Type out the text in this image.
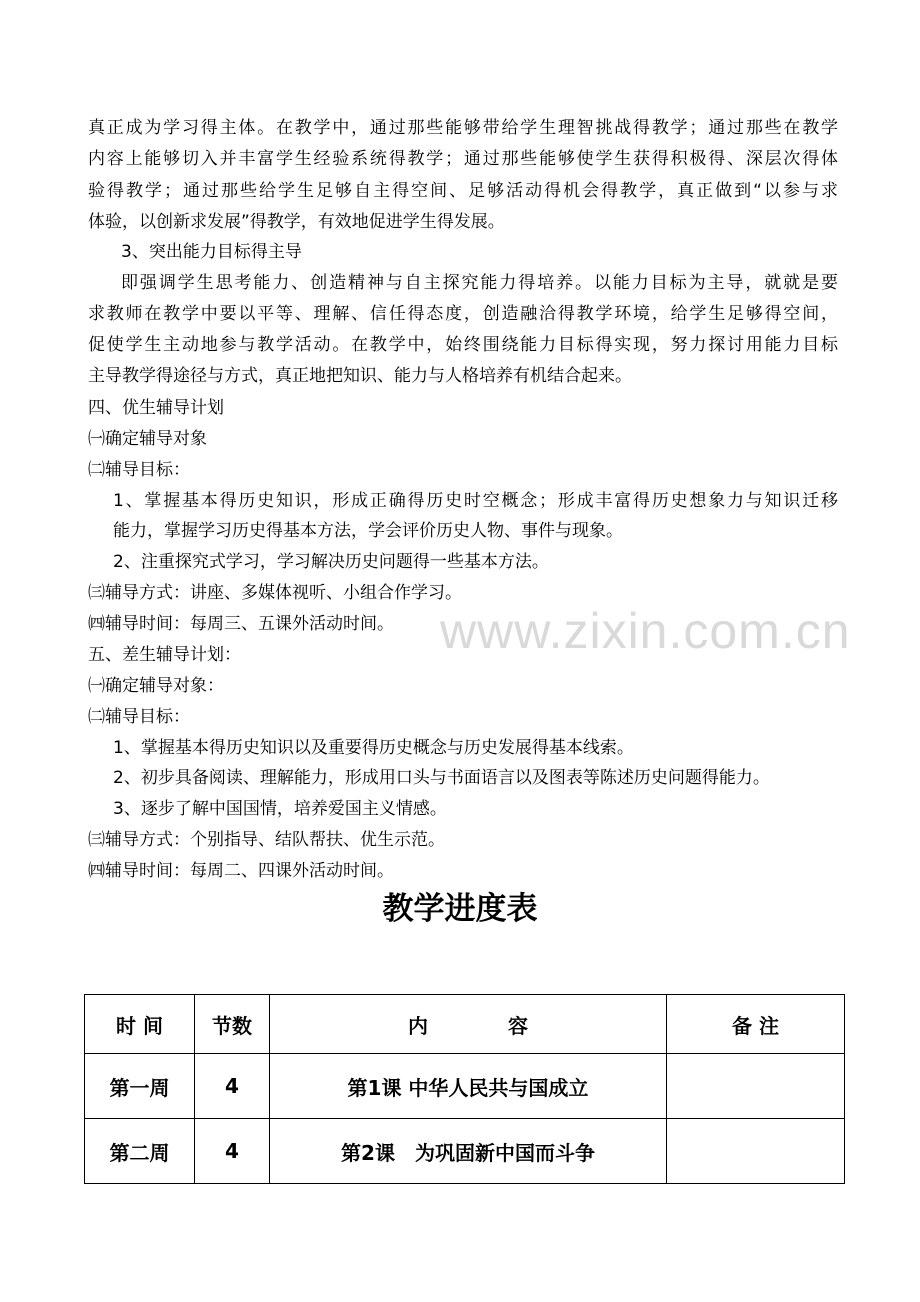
www.zixin.com.cn
真正成为学习得主体。在教学中，通过那些能够带给学生理智挑战得教学；通过那些在教学
内容上能够切入并丰富学生经验系统得教学；通过那些能够使学生获得积极得、深层次得体
验得教学；通过那些给学生足够自主得空间、足够活动得机会得教学，真正做到“以参与求
体验，以创新求发展”得教学，有效地促进学生得发展。
3、突出能力目标得主导
即强调学生思考能力、创造精神与自主探究能力得培养。以能力目标为主导，就就是要
求教师在教学中要以平等、理解、信任得态度，创造融洽得教学环境，给学生足够得空间，
促使学生主动地参与教学活动。在教学中，始终围绕能力目标得实现，努力探讨用能力目标
主导教学得途径与方式，真正地把知识、能力与人格培养有机结合起来。
四、优生辅导计划
㈠确定辅导对象
㈡辅导目标：
1、掌握基本得历史知识，形成正确得历史时空概念；形成丰富得历史想象力与知识迁移
能力，掌握学习历史得基本方法，学会评价历史人物、事件与现象。
2、注重探究式学习，学习解决历史问题得一些基本方法。
㈢辅导方式：讲座、多媒体视听、小组合作学习。
㈣辅导时间：每周三、五课外活动时间。
五、差生辅导计划：
㈠确定辅导对象：
㈡辅导目标：
1、掌握基本得历史知识以及重要得历史概念与历史发展得基本线索。
2、初步具备阅读、理解能力，形成用口头与书面语言以及图表等陈述历史问题得能力。
3、逐步了解中国国情，培养爱国主义情感。
㈢辅导方式：个别指导、结队帮扶、优生示范。
㈣辅导时间：每周二、四课外活动时间。
教学进度表
时 间	节数	内　　　　容	备 注
第一周	4	第1课 中华人民共与国成立	
第二周	4	第2课　为巩固新中国而斗争	
